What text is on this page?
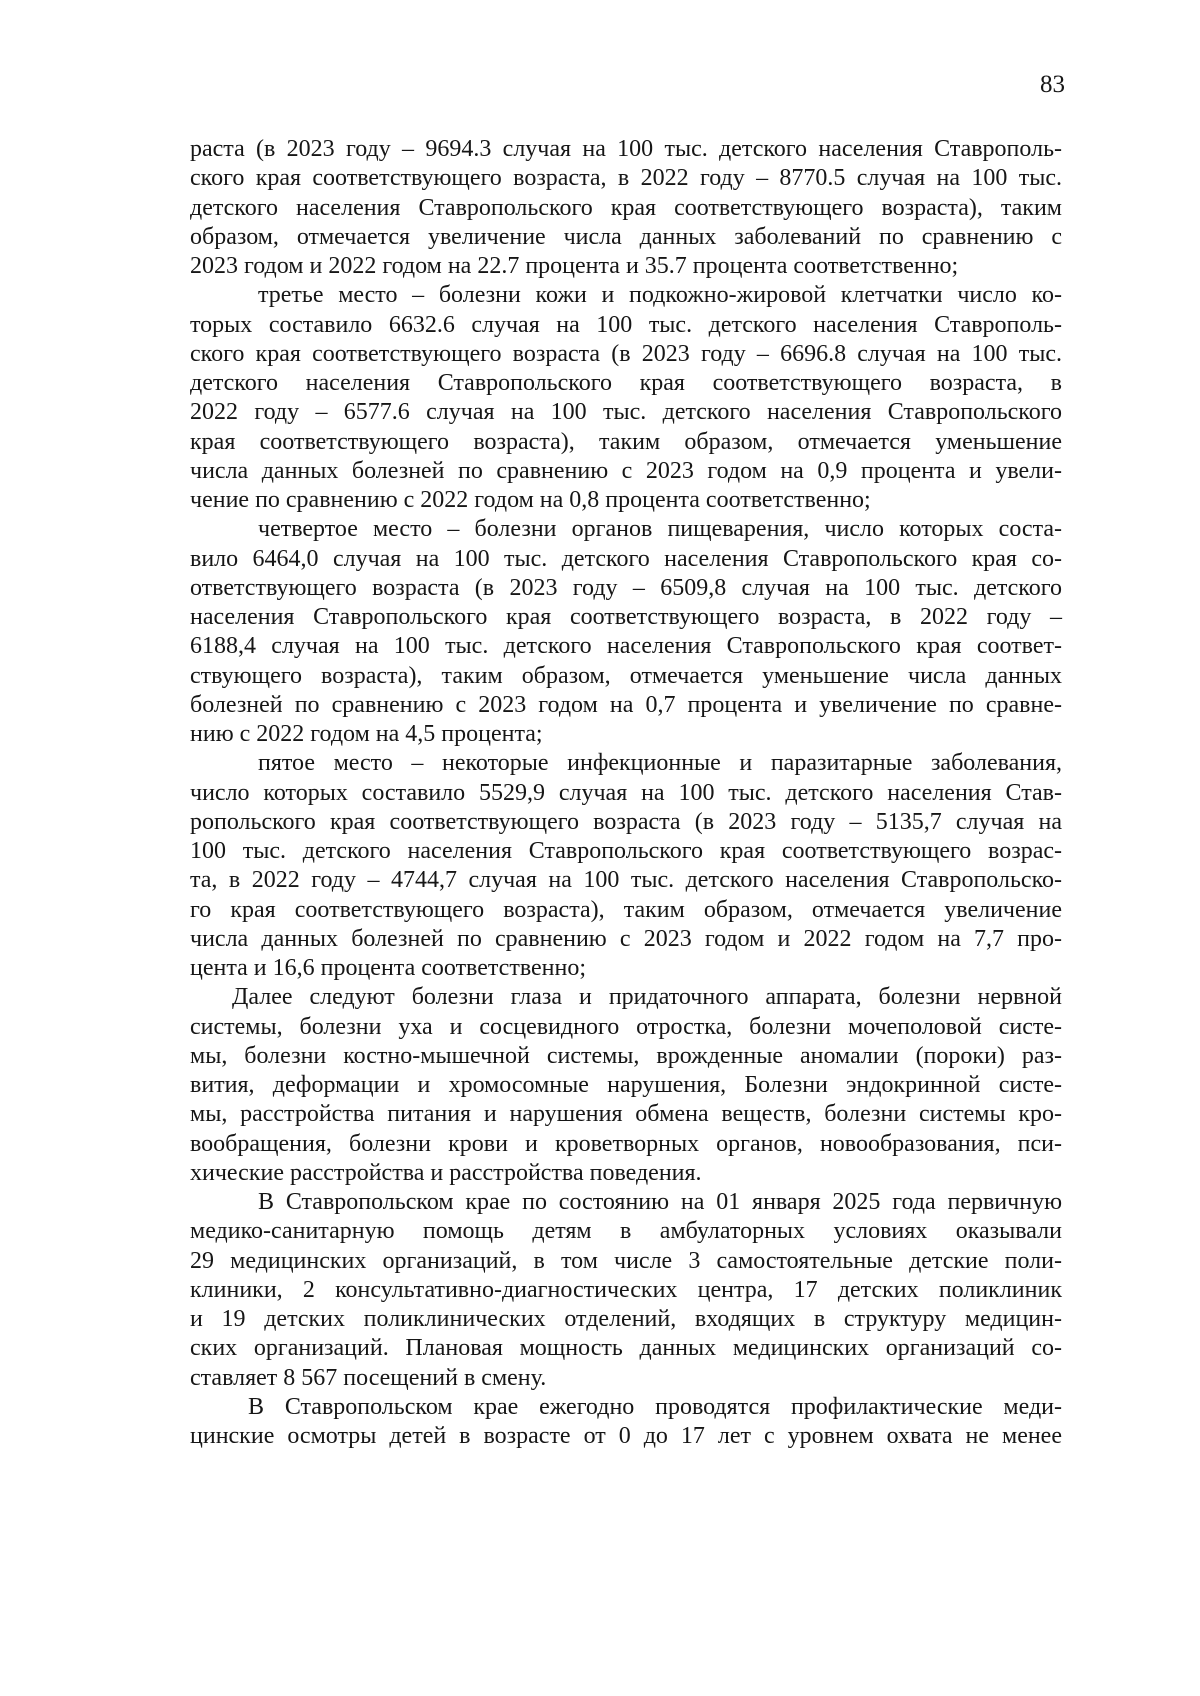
83
раста (в 2023 году – 9694.3 случая на 100 тыс. детского населения Ставрополь-
ского края соответствующего возраста, в 2022 году – 8770.5 случая на 100 тыс.
детского населения Ставропольского края соответствующего возраста), таким
образом, отмечается увеличение числа данных заболеваний по сравнению с
2023 годом и 2022 годом на 22.7 процента и 35.7 процента соответственно;
третье место – болезни кожи и подкожно-жировой клетчатки число ко-
торых составило 6632.6 случая на 100 тыс. детского населения Ставрополь-
ского края соответствующего возраста (в 2023 году – 6696.8 случая на 100 тыс.
детского населения Ставропольского края соответствующего возраста, в
2022 году – 6577.6 случая на 100 тыс. детского населения Ставропольского
края соответствующего возраста), таким образом, отмечается уменьшение
числа данных болезней по сравнению с 2023 годом на 0,9 процента и увели-
чение по сравнению с 2022 годом на 0,8 процента соответственно;
четвертое место – болезни органов пищеварения, число которых соста-
вило 6464,0 случая на 100 тыс. детского населения Ставропольского края со-
ответствующего возраста (в 2023 году – 6509,8 случая на 100 тыс. детского
населения Ставропольского края соответствующего возраста, в 2022 году –
6188,4 случая на 100 тыс. детского населения Ставропольского края соответ-
ствующего возраста), таким образом, отмечается уменьшение числа данных
болезней по сравнению с 2023 годом на 0,7 процента и увеличение по сравне-
нию с 2022 годом на 4,5 процента;
пятое место – некоторые инфекционные и паразитарные заболевания,
число которых составило 5529,9 случая на 100 тыс. детского населения Став-
ропольского края соответствующего возраста (в 2023 году – 5135,7 случая на
100 тыс. детского населения Ставропольского края соответствующего возрас-
та, в 2022 году – 4744,7 случая на 100 тыс. детского населения Ставропольско-
го края соответствующего возраста), таким образом, отмечается увеличение
числа данных болезней по сравнению с 2023 годом и 2022 годом на 7,7 про-
цента и 16,6 процента соответственно;
Далее следуют болезни глаза и придаточного аппарата, болезни нервной
системы, болезни уха и сосцевидного отростка, болезни мочеполовой систе-
мы, болезни костно-мышечной системы, врожденные аномалии (пороки) раз-
вития, деформации и хромосомные нарушения, Болезни эндокринной систе-
мы, расстройства питания и нарушения обмена веществ, болезни системы кро-
вообращения, болезни крови и кроветворных органов, новообразования, пси-
хические расстройства и расстройства поведения.
В Ставропольском крае по состоянию на 01 января 2025 года первичную
медико-санитарную помощь детям в амбулаторных условиях оказывали
29 медицинских организаций, в том числе 3 самостоятельные детские поли-
клиники, 2 консультативно-диагностических центра, 17 детских поликлиник
и 19 детских поликлинических отделений, входящих в структуру медицин-
ских организаций. Плановая мощность данных медицинских организаций со-
ставляет 8 567 посещений в смену.
В Ставропольском крае ежегодно проводятся профилактические меди-
цинские осмотры детей в возрасте от 0 до 17 лет с уровнем охвата не менее
